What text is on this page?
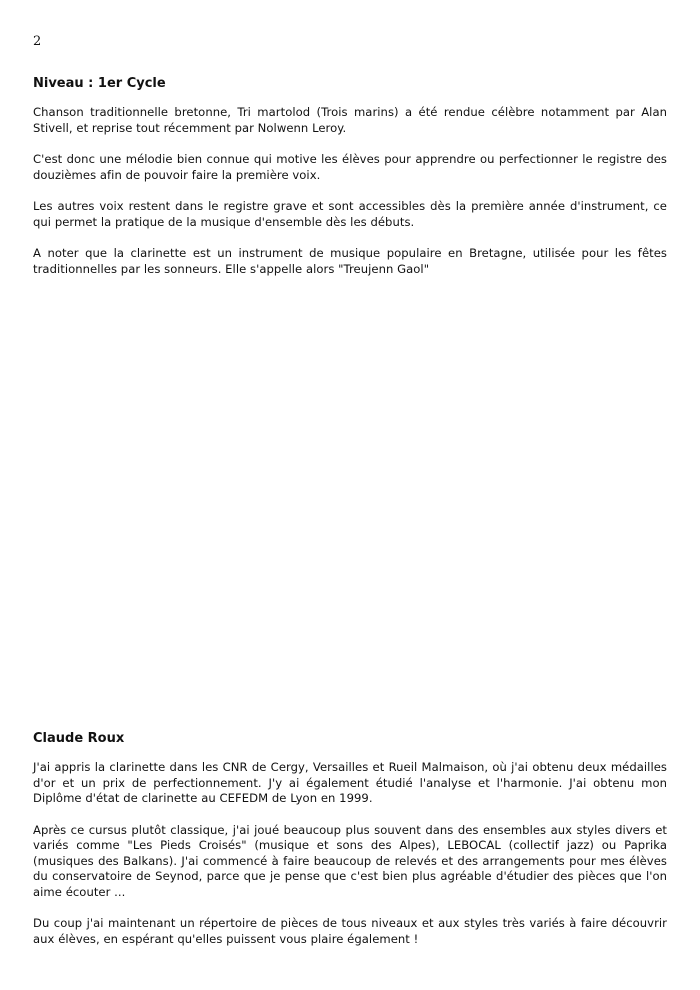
2
Niveau : 1er Cycle

Chanson traditionnelle bretonne, Tri martolod (Trois marins) a été rendue célèbre notamment par Alan Stivell, et reprise tout récemment par Nolwenn Leroy.

C'est donc une mélodie bien connue qui motive les élèves pour apprendre ou perfectionner le registre des douzièmes afin de pouvoir faire la première voix.

Les autres voix restent dans le registre grave et sont accessibles dès la première année d'instrument, ce qui permet la pratique de la musique d'ensemble dès les débuts.

A noter que la clarinette est un instrument de musique populaire en Bretagne, utilisée pour les fêtes traditionnelles par les sonneurs. Elle s'appelle alors "Treujenn Gaol"

Claude Roux

J'ai appris la clarinette dans les CNR de Cergy, Versailles et Rueil Malmaison, où j'ai obtenu deux médailles d'or et un prix de perfectionnement. J'y ai également étudié l'analyse et l'harmonie. J'ai obtenu mon Diplôme d'état de clarinette au CEFEDM de Lyon en 1999.

Après ce cursus plutôt classique, j'ai joué beaucoup plus souvent dans des ensembles aux styles divers et variés comme "Les Pieds Croisés" (musique et sons des Alpes), LEBOCAL (collectif jazz) ou Paprika (musiques des Balkans). J'ai commencé à faire beaucoup de relevés et des arrangements pour mes élèves du conservatoire de Seynod, parce que je pense que c'est bien plus agréable d'étudier des pièces que l'on aime écouter ...

Du coup j'ai maintenant un répertoire de pièces de tous niveaux et aux styles très variés à faire découvrir aux élèves, en espérant qu'elles puissent vous plaire également !
